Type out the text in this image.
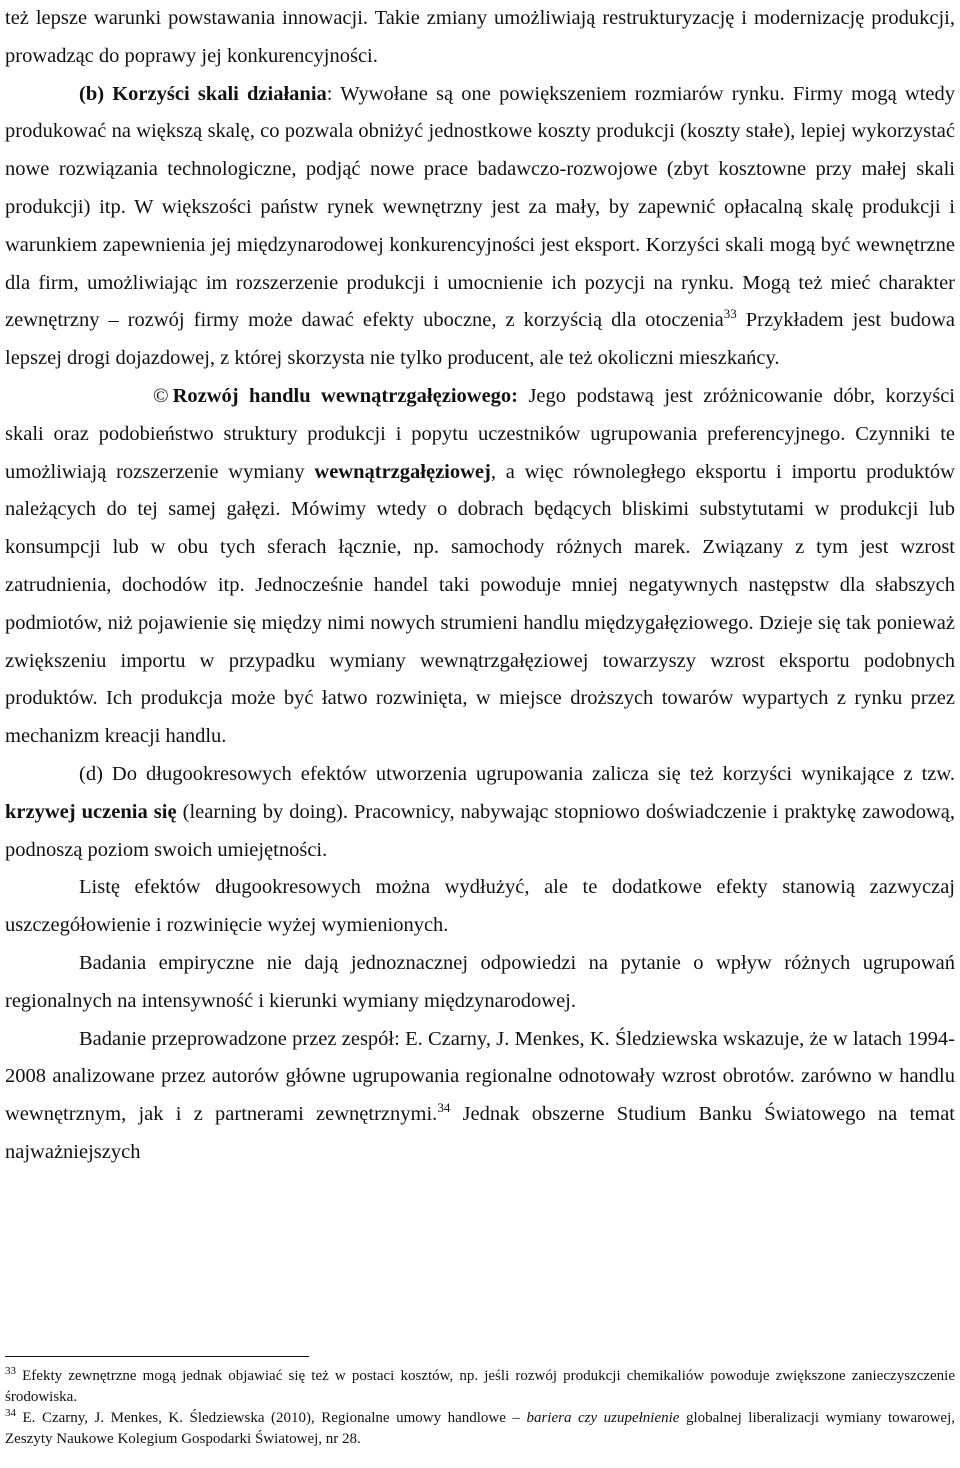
też lepsze warunki powstawania innowacji. Takie zmiany umożliwiają restrukturyzację i modernizację produkcji, prowadząc do poprawy jej konkurencyjności.

(b) Korzyści skali działania: Wywołane są one powiększeniem rozmiarów rynku. Firmy mogą wtedy produkować na większą skalę, co pozwala obniżyć jednostkowe koszty produkcji (koszty stałe), lepiej wykorzystać nowe rozwiązania technologiczne, podjąć nowe prace badawczo-rozwojowe (zbyt kosztowne przy małej skali produkcji) itp. W większości państw rynek wewnętrzny jest za mały, by zapewnić opłacalną skalę produkcji i warunkiem zapewnienia jej międzynarodowej konkurencyjności jest eksport. Korzyści skali mogą być wewnętrzne dla firm, umożliwiając im rozszerzenie produkcji i umocnienie ich pozycji na rynku. Mogą też mieć charakter zewnętrzny – rozwój firmy może dawać efekty uboczne, z korzyścią dla otoczenia$^{33}$ Przykładem jest budowa lepszej drogi dojazdowej, z której skorzysta nie tylko producent, ale też okoliczni mieszkańcy.

© Rozwój handlu wewnątrzgałęziowego: Jego podstawą jest zróżnicowanie dóbr, korzyści skali oraz podobieństwo struktury produkcji i popytu uczestników ugrupowania preferencyjnego. Czynniki te umożliwiają rozszerzenie wymiany wewnątrzgałęziowej, a więc równoległego eksportu i importu produktów należących do tej samej gałęzi. Mówimy wtedy o dobrach będących bliskimi substytutami w produkcji lub konsumpcji lub w obu tych sferach łącznie, np. samochody różnych marek. Związany z tym jest wzrost zatrudnienia, dochodów itp. Jednocześnie handel taki powoduje mniej negatywnych następstw dla słabszych podmiotów, niż pojawienie się między nimi nowych strumieni handlu międzygałęziowego. Dzieje się tak ponieważ zwiększeniu importu w przypadku wymiany wewnątrzgałęziowej towarzyszy wzrost eksportu podobnych produktów. Ich produkcja może być łatwo rozwinięta, w miejsce droższych towarów wypartych z rynku przez mechanizm kreacji handlu.

(d) Do długookresowych efektów utworzenia ugrupowania zalicza się też korzyści wynikające z tzw. krzywej uczenia się (learning by doing). Pracownicy, nabywając stopniowo doświadczenie i praktykę zawodową, podnoszą poziom swoich umiejętności.

Listę efektów długookresowych można wydłużyć, ale te dodatkowe efekty stanowią zazwyczaj uszczegółowienie i rozwinięcie wyżej wymienionych.

Badania empiryczne nie dają jednoznacznej odpowiedzi na pytanie o wpływ różnych ugrupowań regionalnych na intensywność i kierunki wymiany międzynarodowej.

Badanie przeprowadzone przez zespół: E. Czarny, J. Menkes, K. Śledziewska wskazuje, że w latach 1994-2008 analizowane przez autorów główne ugrupowania regionalne odnotowały wzrost obrotów. zarówno w handlu wewnętrznym, jak i z partnerami zewnętrznymi.$^{34}$ Jednak obszerne Studium Banku Światowego na temat najważniejszych

$^{33}$ Efekty zewnętrzne mogą jednak objawiać się też w postaci kosztów, np. jeśli rozwój produkcji chemikaliów powoduje zwiększone zanieczyszczenie środowiska.

$^{34}$ E. Czarny, J. Menkes, K. Śledziewska (2010), Regionalne umowy handlowe – bariera czy uzupełnienie globalnej liberalizacji wymiany towarowej, Zeszyty Naukowe Kolegium Gospodarki Światowej, nr 28.
